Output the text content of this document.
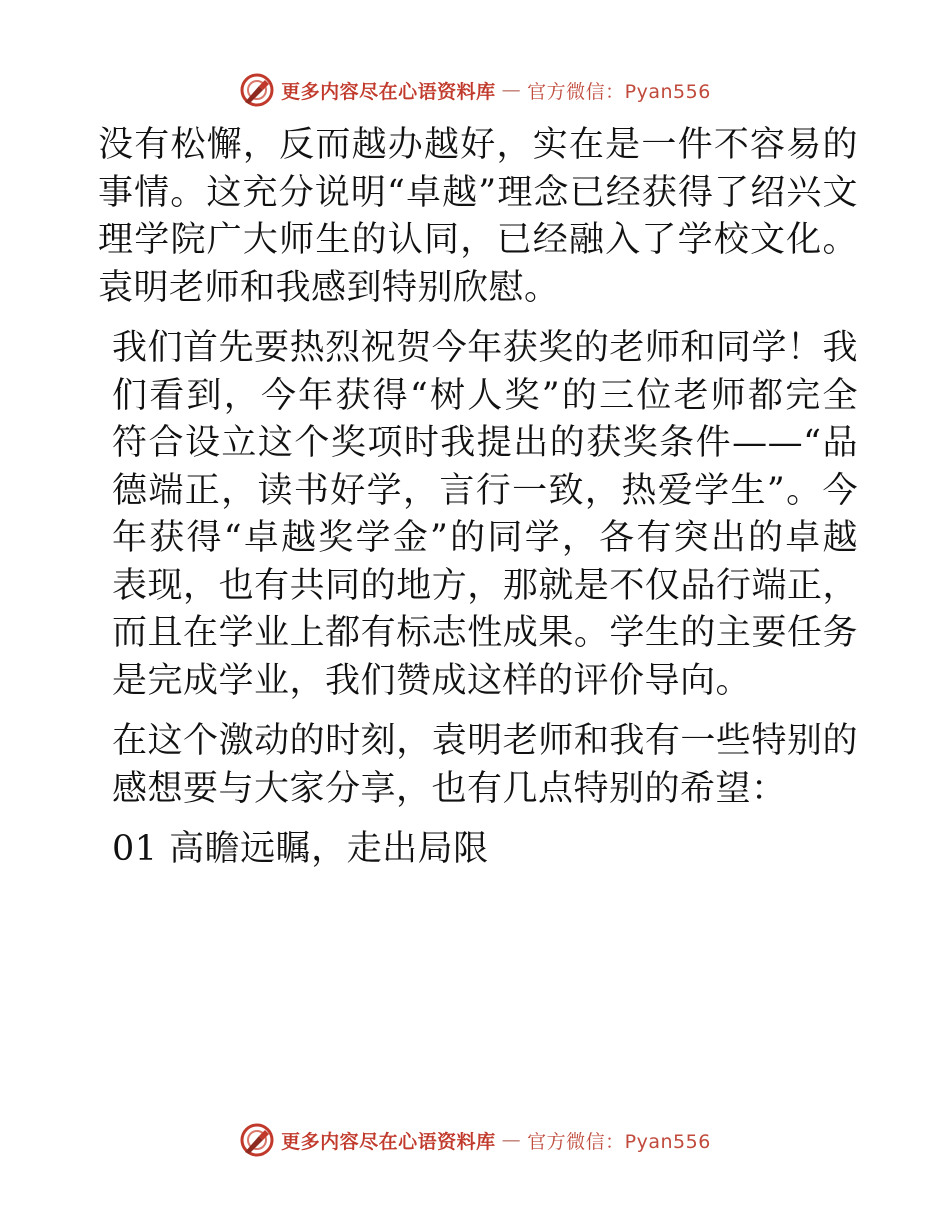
更多内容尽在心语资料库 — 官方微信：Pyan556

没有松懈，反而越办越好，实在是一件不容易的事情。这充分说明“卓越”理念已经获得了绍兴文理学院广大师生的认同，已经融入了学校文化。袁明老师和我感到特别欣慰。

我们首先要热烈祝贺今年获奖的老师和同学！我们看到，今年获得“树人奖”的三位老师都完全符合设立这个奖项时我提出的获奖条件——“品德端正，读书好学，言行一致，热爱学生”。今年获得“卓越奖学金”的同学，各有突出的卓越表现，也有共同的地方，那就是不仅品行端正，而且在学业上都有标志性成果。学生的主要任务是完成学业，我们赞成这样的评价导向。

在这个激动的时刻，袁明老师和我有一些特别的感想要与大家分享，也有几点特别的希望：

01 高瞻远瞩，走出局限

更多内容尽在心语资料库 — 官方微信：Pyan556
